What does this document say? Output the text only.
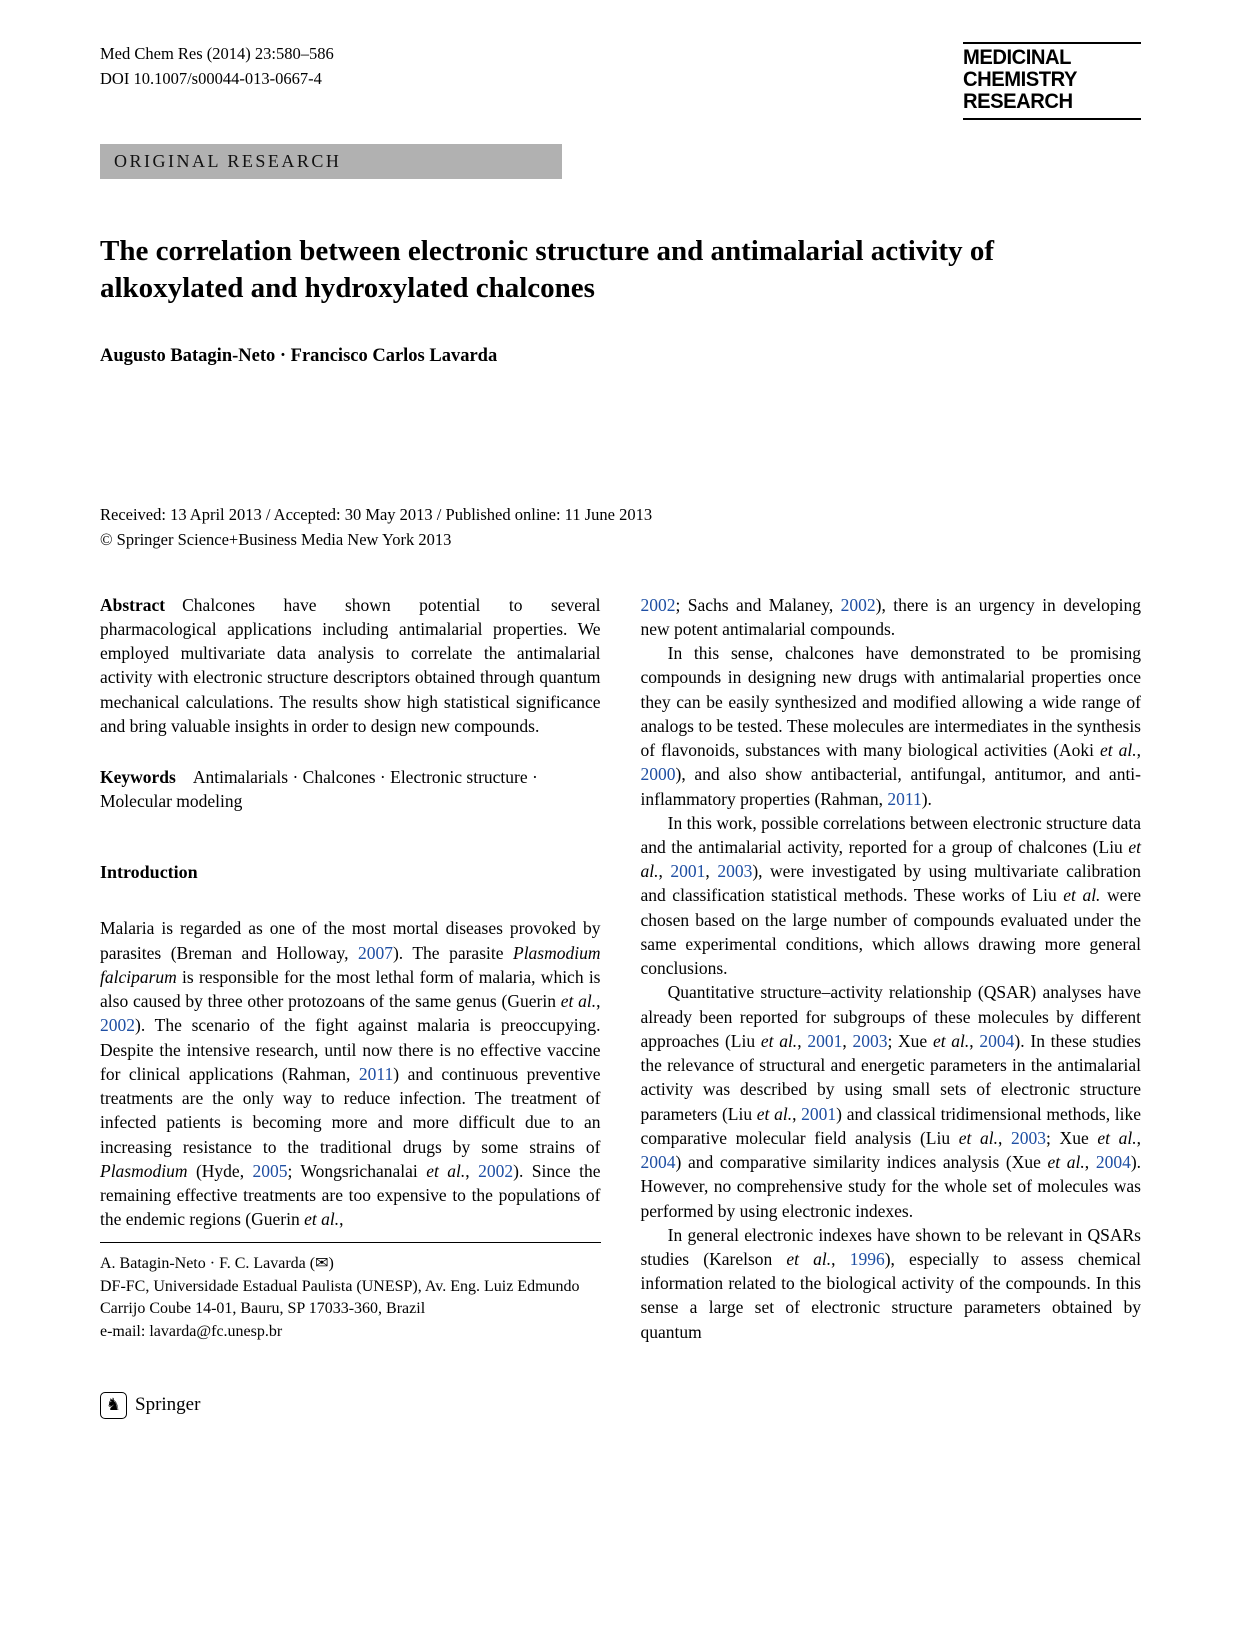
Med Chem Res (2014) 23:580–586
DOI 10.1007/s00044-013-0667-4
MEDICINAL
CHEMISTRY
RESEARCH
ORIGINAL RESEARCH
The correlation between electronic structure and antimalarial activity of alkoxylated and hydroxylated chalcones
Augusto Batagin-Neto · Francisco Carlos Lavarda
Received: 13 April 2013 / Accepted: 30 May 2013 / Published online: 11 June 2013
© Springer Science+Business Media New York 2013

Abstract Chalcones have shown potential to several pharmacological applications including antimalarial properties. We employed multivariate data analysis to correlate the antimalarial activity with electronic structure descriptors obtained through quantum mechanical calculations. The results show high statistical significance and bring valuable insights in order to design new compounds.

Keywords Antimalarials · Chalcones · Electronic structure · Molecular modeling

Introduction

Malaria is regarded as one of the most mortal diseases provoked by parasites (Breman and Holloway, 2007). The parasite Plasmodium falciparum is responsible for the most lethal form of malaria, which is also caused by three other protozoans of the same genus (Guerin et al., 2002). The scenario of the fight against malaria is preoccupying. Despite the intensive research, until now there is no effective vaccine for clinical applications (Rahman, 2011) and continuous preventive treatments are the only way to reduce infection. The treatment of infected patients is becoming more and more difficult due to an increasing resistance to the traditional drugs by some strains of Plasmodium (Hyde, 2005; Wongsrichanalai et al., 2002). Since the remaining effective treatments are too expensive to the populations of the endemic regions (Guerin et al.,

A. Batagin-Neto · F. C. Lavarda (✉)
DF-FC, Universidade Estadual Paulista (UNESP), Av. Eng. Luiz Edmundo Carrijo Coube 14-01, Bauru, SP 17033-360, Brazil
e-mail: lavarda@fc.unesp.br

2002; Sachs and Malaney, 2002), there is an urgency in developing new potent antimalarial compounds.

In this sense, chalcones have demonstrated to be promising compounds in designing new drugs with antimalarial properties once they can be easily synthesized and modified allowing a wide range of analogs to be tested. These molecules are intermediates in the synthesis of flavonoids, substances with many biological activities (Aoki et al., 2000), and also show antibacterial, antifungal, antitumor, and anti-inflammatory properties (Rahman, 2011).

In this work, possible correlations between electronic structure data and the antimalarial activity, reported for a group of chalcones (Liu et al., 2001, 2003), were investigated by using multivariate calibration and classification statistical methods. These works of Liu et al. were chosen based on the large number of compounds evaluated under the same experimental conditions, which allows drawing more general conclusions.

Quantitative structure–activity relationship (QSAR) analyses have already been reported for subgroups of these molecules by different approaches (Liu et al., 2001, 2003; Xue et al., 2004). In these studies the relevance of structural and energetic parameters in the antimalarial activity was described by using small sets of electronic structure parameters (Liu et al., 2001) and classical tridimensional methods, like comparative molecular field analysis (Liu et al., 2003; Xue et al., 2004) and comparative similarity indices analysis (Xue et al., 2004). However, no comprehensive study for the whole set of molecules was performed by using electronic indexes.

In general electronic indexes have shown to be relevant in QSARs studies (Karelson et al., 1996), especially to assess chemical information related to the biological activity of the compounds. In this sense a large set of electronic structure parameters obtained by quantum

♞ Springer
